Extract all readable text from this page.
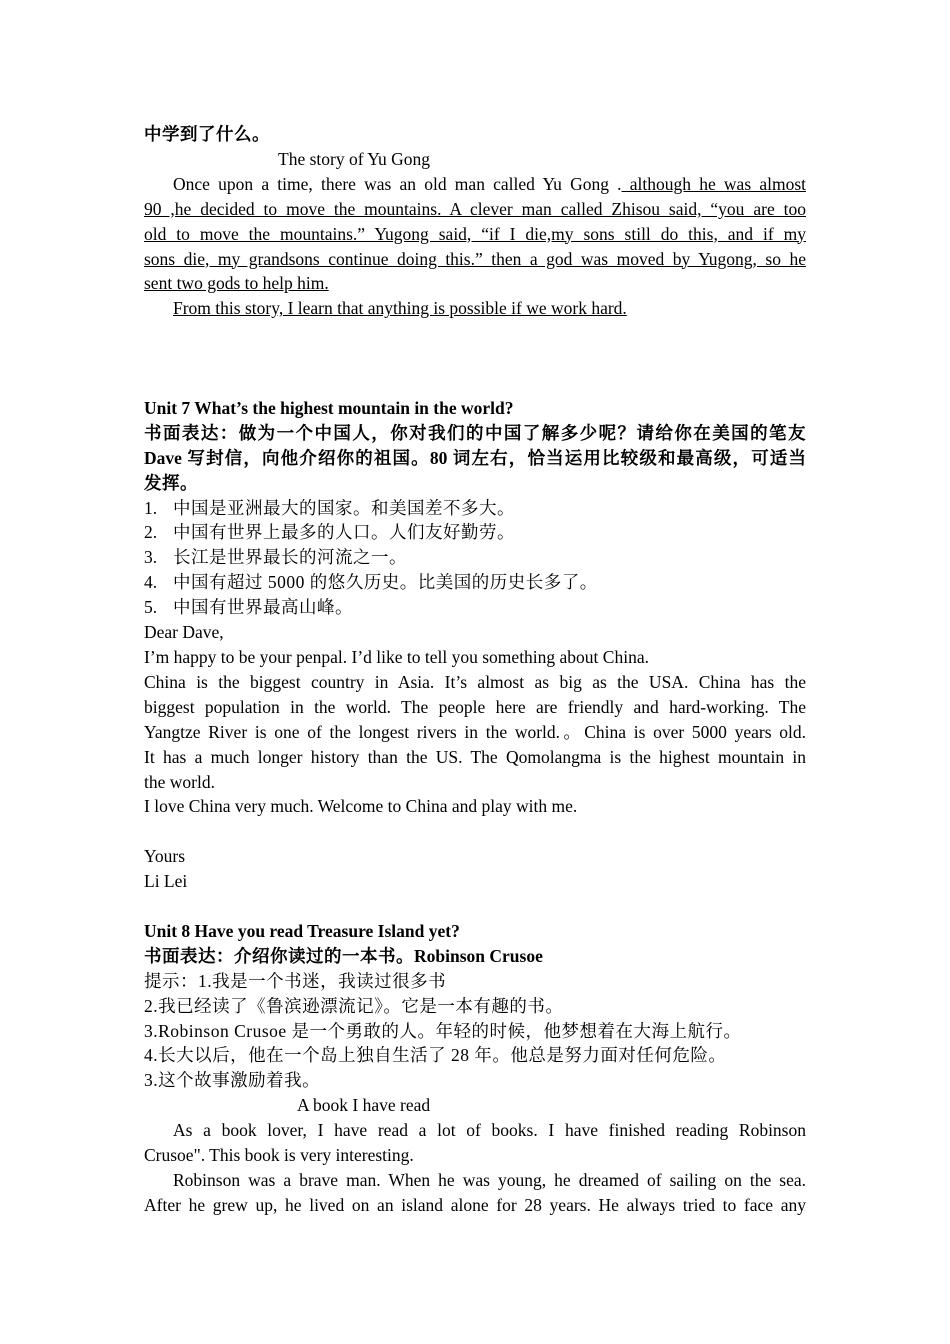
中学到了什么。
The story of Yu Gong
Once upon a time, there was an old man called Yu Gong . although he was almost
90 ,he decided to move the mountains. A clever man called Zhisou said, “you are too
old to move the mountains.” Yugong said, “if I die,my sons still do this, and if my
sons die, my grandsons continue doing this.” then a god was moved by Yugong, so he
sent two gods to help him.
From this story, I learn that anything is possible if we work hard.
Unit 7 What’s the highest mountain in the world?
书面表达：做为一个中国人，你对我们的中国了解多少呢？请给你在美国的笔友
Dave 写封信，向他介绍你的祖国。80 词左右，恰当运用比较级和最高级，可适当
发挥。
1. 中国是亚洲最大的国家。和美国差不多大。
2. 中国有世界上最多的人口。人们友好勤劳。
3. 长江是世界最长的河流之一。
4. 中国有超过 5000 的悠久历史。比美国的历史长多了。
5. 中国有世界最高山峰。
Dear Dave,
I’m happy to be your penpal. I’d like to tell you something about China.
China is the biggest country in Asia. It’s almost as big as the USA. China has the
biggest population in the world. The people here are friendly and hard-working. The
Yangtze River is one of the longest rivers in the world.。China is over 5000 years old.
It has a much longer history than the US. The Qomolangma is the highest mountain in
the world.
I love China very much. Welcome to China and play with me.
Yours
Li Lei
Unit 8 Have you read Treasure Island yet?
书面表达：介绍你读过的一本书。Robinson Crusoe
提示：1.我是一个书迷，我读过很多书
2.我已经读了《鲁滨逊漂流记》。它是一本有趣的书。
3.Robinson Crusoe 是一个勇敢的人。年轻的时候，他梦想着在大海上航行。
4.长大以后，他在一个岛上独自生活了 28 年。他总是努力面对任何危险。
3.这个故事激励着我。
A book I have read
As a book lover, I have read a lot of books. I have finished reading Robinson
Crusoe". This book is very interesting.
Robinson was a brave man. When he was young, he dreamed of sailing on the sea.
After he grew up, he lived on an island alone for 28 years. He always tried to face any
